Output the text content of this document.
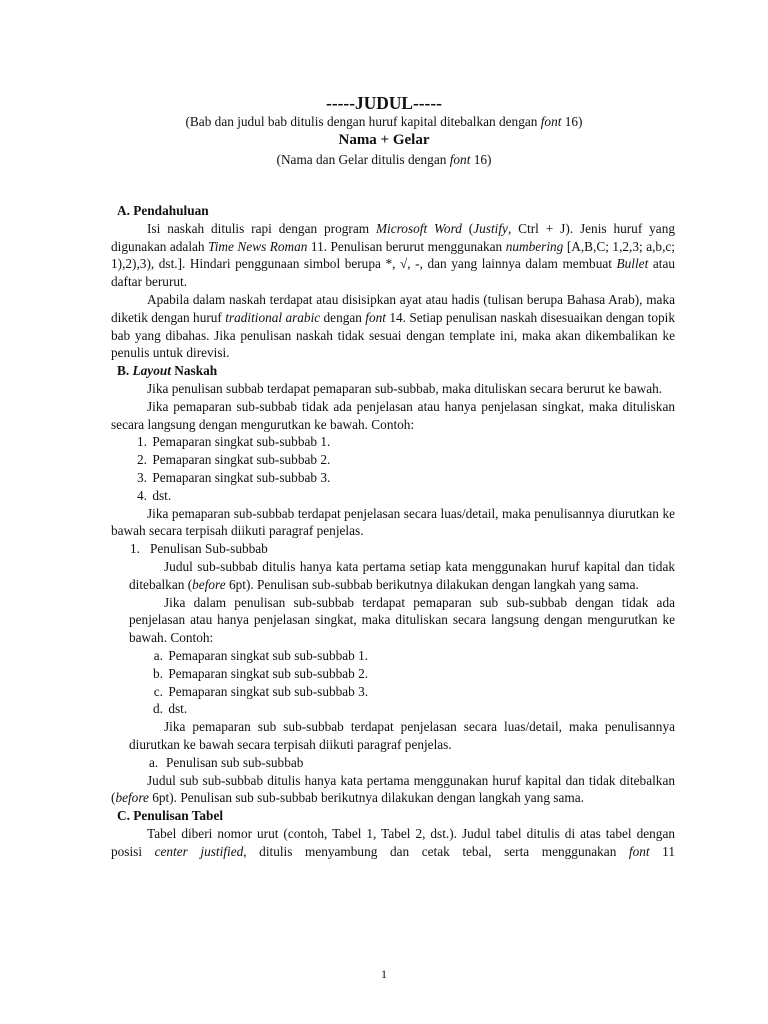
-----JUDUL-----
(Bab dan judul bab ditulis dengan huruf kapital ditebalkan dengan font 16)
Nama + Gelar
(Nama dan Gelar ditulis dengan font 16)

A. Pendahuluan

Isi naskah ditulis rapi dengan program Microsoft Word (Justify, Ctrl + J). Jenis huruf yang digunakan adalah Time News Roman 11. Penulisan berurut menggunakan numbering [A,B,C; 1,2,3; a,b,c; 1),2),3), dst.]. Hindari penggunaan simbol berupa *, √, -, dan yang lainnya dalam membuat Bullet atau daftar berurut.

Apabila dalam naskah terdapat atau disisipkan ayat atau hadis (tulisan berupa Bahasa Arab), maka diketik dengan huruf traditional arabic dengan font 14. Setiap penulisan naskah disesuaikan dengan topik bab yang dibahas. Jika penulisan naskah tidak sesuai dengan template ini, maka akan dikembalikan ke penulis untuk direvisi.

B. Layout Naskah

Jika penulisan subbab terdapat pemaparan sub-subbab, maka dituliskan secara berurut ke bawah.

Jika pemaparan sub-subbab tidak ada penjelasan atau hanya penjelasan singkat, maka dituliskan secara langsung dengan mengurutkan ke bawah. Contoh:

1. Pemaparan singkat sub-subbab 1.

2. Pemaparan singkat sub-subbab 2.

3. Pemaparan singkat sub-subbab 3.

4. dst.

Jika pemaparan sub-subbab terdapat penjelasan secara luas/detail, maka penulisannya diurutkan ke bawah secara terpisah diikuti paragraf penjelas.

1. Penulisan Sub-subbab

Judul sub-subbab ditulis hanya kata pertama setiap kata menggunakan huruf kapital dan tidak ditebalkan (before 6pt). Penulisan sub-subbab berikutnya dilakukan dengan langkah yang sama.

Jika dalam penulisan sub-subbab terdapat pemaparan sub sub-subbab dengan tidak ada penjelasan atau hanya penjelasan singkat, maka dituliskan secara langsung dengan mengurutkan ke bawah. Contoh:

a. Pemaparan singkat sub sub-subbab 1.

b. Pemaparan singkat sub sub-subbab 2.

c. Pemaparan singkat sub sub-subbab 3.

d. dst.

Jika pemaparan sub sub-subbab terdapat penjelasan secara luas/detail, maka penulisannya diurutkan ke bawah secara terpisah diikuti paragraf penjelas.

a. Penulisan sub sub-subbab

Judul sub sub-subbab ditulis hanya kata pertama menggunakan huruf kapital dan tidak ditebalkan (before 6pt). Penulisan sub sub-subbab berikutnya dilakukan dengan langkah yang sama.

C. Penulisan Tabel

Tabel diberi nomor urut (contoh, Tabel 1, Tabel 2, dst.). Judul tabel ditulis di atas tabel dengan posisi center justified, ditulis menyambung dan cetak tebal, serta menggunakan font 11

1
